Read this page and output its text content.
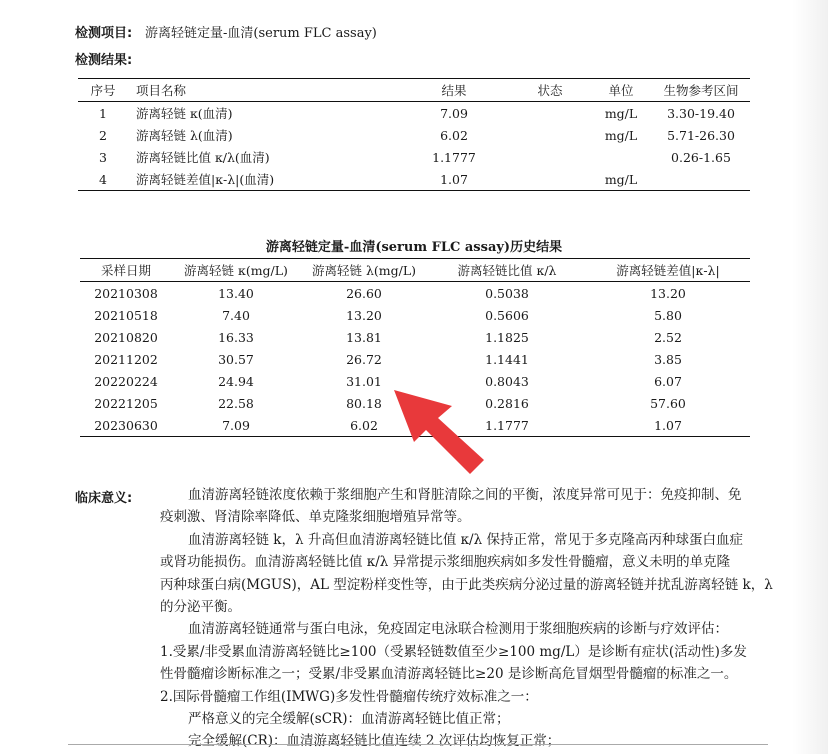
检测项目: 游离轻链定量-血清(serum FLC assay)
检测结果:
序号	项目名称	结果	状态	单位	生物参考区间
1	游离轻链 κ(血清)	7.09		mg/L	3.30-19.40
2	游离轻链 λ(血清)	6.02		mg/L	5.71-26.30
3	游离轻链比值 κ/λ(血清)	1.1777			0.26-1.65
4	游离轻链差值|κ-λ|(血清)	1.07		mg/L	
游离轻链定量-血清(serum FLC assay)历史结果
采样日期	游离轻链 κ(mg/L)	游离轻链 λ(mg/L)	游离轻链比值 κ/λ	游离轻链差值|κ-λ|
20210308	13.40	26.60	0.5038	13.20
20210518	7.40	13.20	0.5606	5.80
20210820	16.33	13.81	1.1825	2.52
20211202	30.57	26.72	1.1441	3.85
20220224	24.94	31.01	0.8043	6.07
20221205	22.58	80.18	0.2816	57.60
20230630	7.09	6.02	1.1777	1.07
临床意义:	血清游离轻链浓度依赖于浆细胞产生和肾脏清除之间的平衡，浓度异常可见于：免疫抑制、免
疫刺激、肾清除率降低、单克隆浆细胞增殖异常等。
血清游离轻链 k，λ 升高但血清游离轻链比值 κ/λ 保持正常，常见于多克隆高丙种球蛋白血症
或肾功能损伤。血清游离轻链比值 κ/λ 异常提示浆细胞疾病如多发性骨髓瘤，意义未明的单克隆
丙种球蛋白病(MGUS)，AL 型淀粉样变性等，由于此类疾病分泌过量的游离轻链并扰乱游离轻链 k，λ
的分泌平衡。
血清游离轻链通常与蛋白电泳，免疫固定电泳联合检测用于浆细胞疾病的诊断与疗效评估：
1.受累/非受累血清游离轻链比≥100（受累轻链数值至少≥100 mg/L）是诊断有症状(活动性)多发
性骨髓瘤诊断标准之一；受累/非受累血清游离轻链比≥20 是诊断高危冒烟型骨髓瘤的标准之一。
2.国际骨髓瘤工作组(IMWG)多发性骨髓瘤传统疗效标准之一：
严格意义的完全缓解(sCR)：血清游离轻链比值正常；
完全缓解(CR)：血清游离轻链比值连续 2 次评估均恢复正常；
